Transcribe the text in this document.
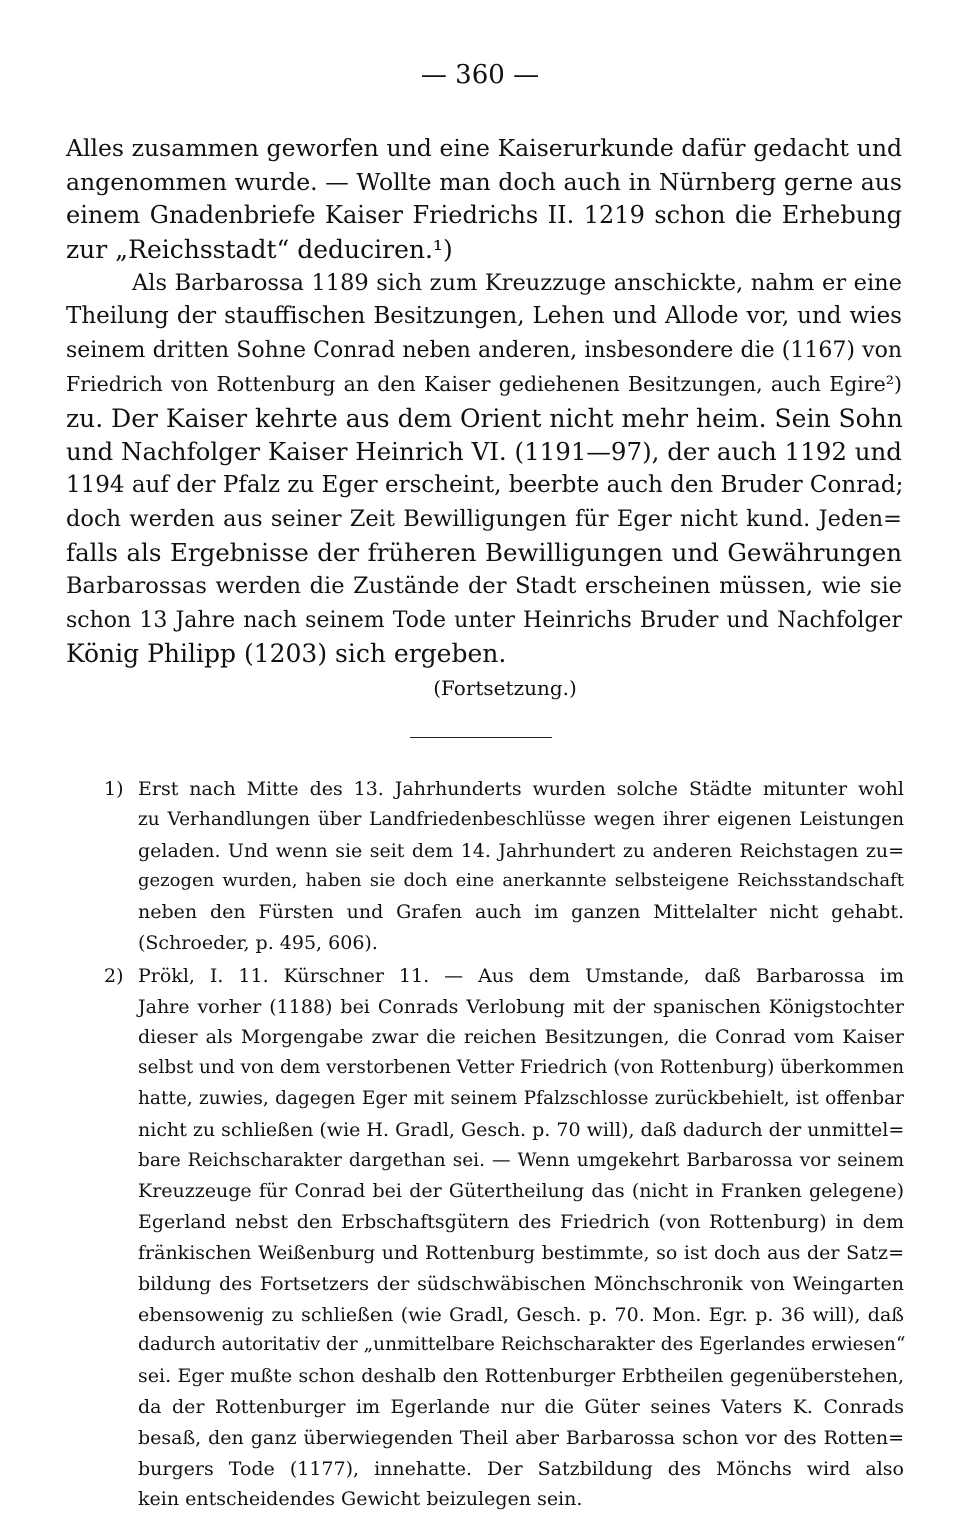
— 360 —
Alles zusammen geworfen und eine Kaiserurkunde dafür gedacht und
angenommen wurde. — Wollte man doch auch in Nürnberg gerne aus
einem Gnadenbriefe Kaiser Friedrichs II. 1219 schon die Erhebung
zur „Reichsstadt“ deduciren.¹)
Als Barbarossa 1189 sich zum Kreuzzuge anschickte, nahm er eine
Theilung der stauffischen Besitzungen, Lehen und Allode vor, und wies
seinem dritten Sohne Conrad neben anderen, insbesondere die (1167) von
Friedrich von Rottenburg an den Kaiser gediehenen Besitzungen, auch Egire²)
zu. Der Kaiser kehrte aus dem Orient nicht mehr heim. Sein Sohn
und Nachfolger Kaiser Heinrich VI. (1191—97), der auch 1192 und
1194 auf der Pfalz zu Eger erscheint, beerbte auch den Bruder Conrad;
doch werden aus seiner Zeit Bewilligungen für Eger nicht kund. Jeden=
falls als Ergebnisse der früheren Bewilligungen und Gewährungen
Barbarossas werden die Zustände der Stadt erscheinen müssen, wie sie
schon 13 Jahre nach seinem Tode unter Heinrichs Bruder und Nachfolger
König Philipp (1203) sich ergeben.
(Fortsetzung.)
1) Erst nach Mitte des 13. Jahrhunderts wurden solche Städte mitunter wohl
zu Verhandlungen über Landfriedenbeschlüsse wegen ihrer eigenen Leistungen
geladen. Und wenn sie seit dem 14. Jahrhundert zu anderen Reichstagen zu=
gezogen wurden, haben sie doch eine anerkannte selbsteigene Reichsstandschaft
neben den Fürsten und Grafen auch im ganzen Mittelalter nicht gehabt.
(Schroeder, p. 495, 606).
2) Prökl, I. 11. Kürschner 11. — Aus dem Umstande, daß Barbarossa im
Jahre vorher (1188) bei Conrads Verlobung mit der spanischen Königstochter
dieser als Morgengabe zwar die reichen Besitzungen, die Conrad vom Kaiser
selbst und von dem verstorbenen Vetter Friedrich (von Rottenburg) überkommen
hatte, zuwies, dagegen Eger mit seinem Pfalzschlosse zurückbehielt, ist offenbar
nicht zu schließen (wie H. Gradl, Gesch. p. 70 will), daß dadurch der unmittel=
bare Reichscharakter dargethan sei. — Wenn umgekehrt Barbarossa vor seinem
Kreuzzeuge für Conrad bei der Gütertheilung das (nicht in Franken gelegene)
Egerland nebst den Erbschaftsgütern des Friedrich (von Rottenburg) in dem
fränkischen Weißenburg und Rottenburg bestimmte, so ist doch aus der Satz=
bildung des Fortsetzers der südschwäbischen Mönchschronik von Weingarten
ebensowenig zu schließen (wie Gradl, Gesch. p. 70. Mon. Egr. p. 36 will), daß
dadurch autoritativ der „unmittelbare Reichscharakter des Egerlandes erwiesen“
sei. Eger mußte schon deshalb den Rottenburger Erbtheilen gegenüberstehen,
da der Rottenburger im Egerlande nur die Güter seines Vaters K. Conrads
besaß, den ganz überwiegenden Theil aber Barbarossa schon vor des Rotten=
burgers Tode (1177), innehatte. Der Satzbildung des Mönchs wird also
kein entscheidendes Gewicht beizulegen sein.
